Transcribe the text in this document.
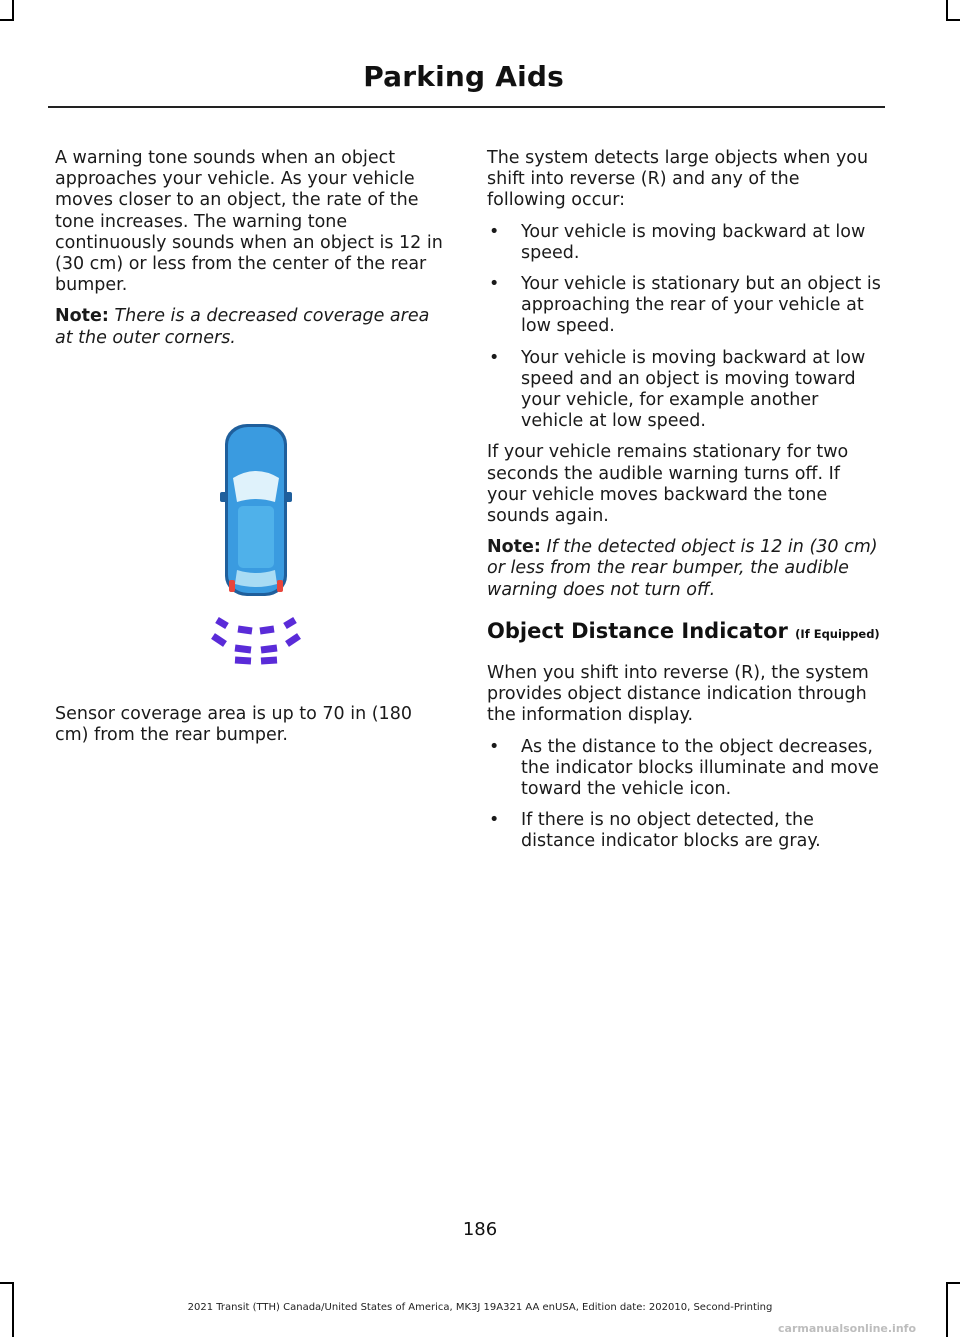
Parking Aids

A warning tone sounds when an object approaches your vehicle. As your vehicle moves closer to an object, the rate of the tone increases. The warning tone continuously sounds when an object is 12 in (30 cm) or less from the center of the rear bumper.

Note: There is a decreased coverage area at the outer corners.

Sensor coverage area is up to 70 in (180 cm) from the rear bumper.

The system detects large objects when you shift into reverse (R) and any of the following occur:

• Your vehicle is moving backward at low speed.
• Your vehicle is stationary but an object is approaching the rear of your vehicle at low speed.
• Your vehicle is moving backward at low speed and an object is moving toward your vehicle, for example another vehicle at low speed.

If your vehicle remains stationary for two seconds the audible warning turns off. If your vehicle moves backward the tone sounds again.

Note: If the detected object is 12 in (30 cm) or less from the rear bumper, the audible warning does not turn off.

Object Distance Indicator (If Equipped)

When you shift into reverse (R), the system provides object distance indication through the information display.

• As the distance to the object decreases, the indicator blocks illuminate and move toward the vehicle icon.
• If there is no object detected, the distance indicator blocks are gray.
186
2021 Transit (TTH) Canada/United States of America, MK3J 19A321 AA enUSA, Edition date: 202010, Second-Printing
carmanualsonline.info
